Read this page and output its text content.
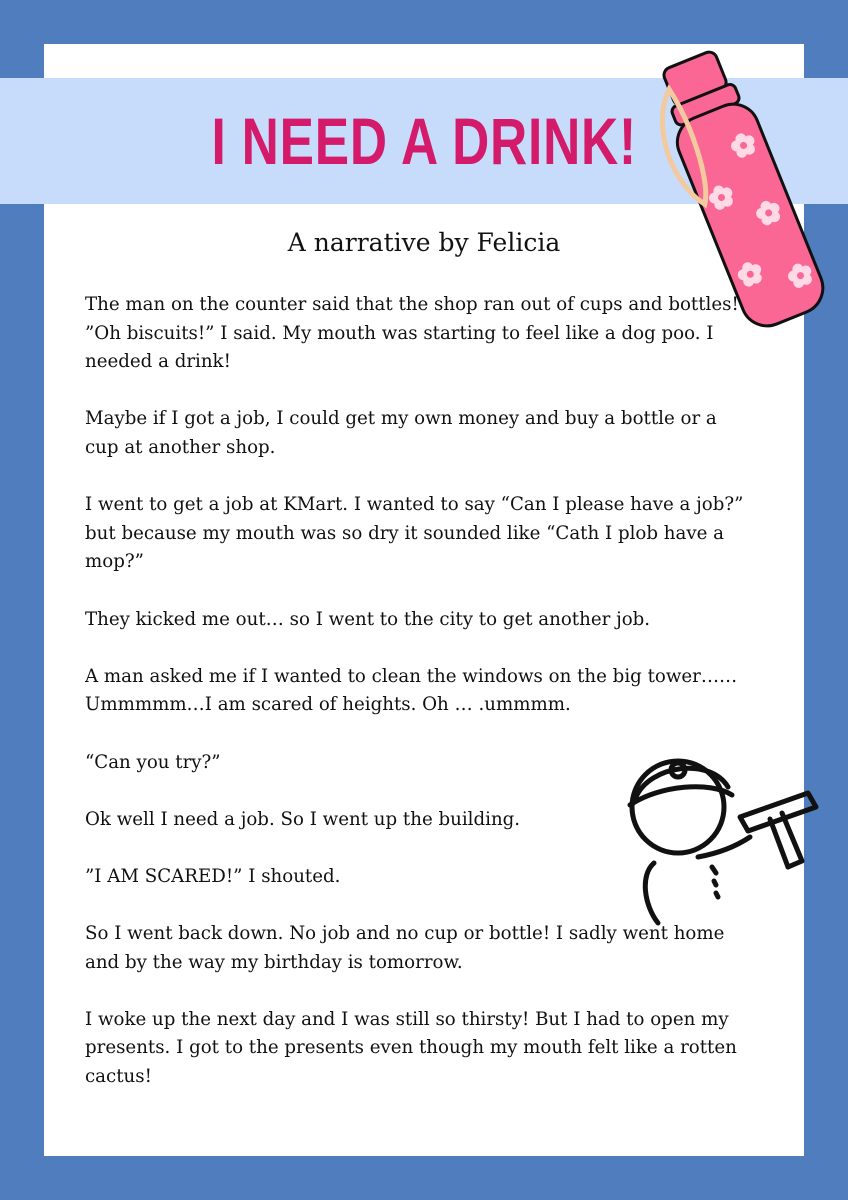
I NEED A DRINK!
A narrative by Felicia

The man on the counter said that the shop ran out of cups and bottles! ”Oh biscuits!” I said. My mouth was starting to feel like a dog poo. I needed a drink!

Maybe if I got a job, I could get my own money and buy a bottle or a cup at another shop.

I went to get a job at KMart. I wanted to say “Can I please have a job?” but because my mouth was so dry it sounded like “Cath I plob have a mop?”

They kicked me out… so I went to the city to get another job.

A man asked me if I wanted to clean the windows on the big tower……Ummmmm…I am scared of heights. Oh … .ummmm.

“Can you try?”

Ok well I need a job. So I went up the building.

”I AM SCARED!” I shouted.

So I went back down. No job and no cup or bottle! I sadly went home and by the way my birthday is tomorrow.

I woke up the next day and I was still so thirsty! But I had to open my presents. I got to the presents even though my mouth felt like a rotten cactus!
